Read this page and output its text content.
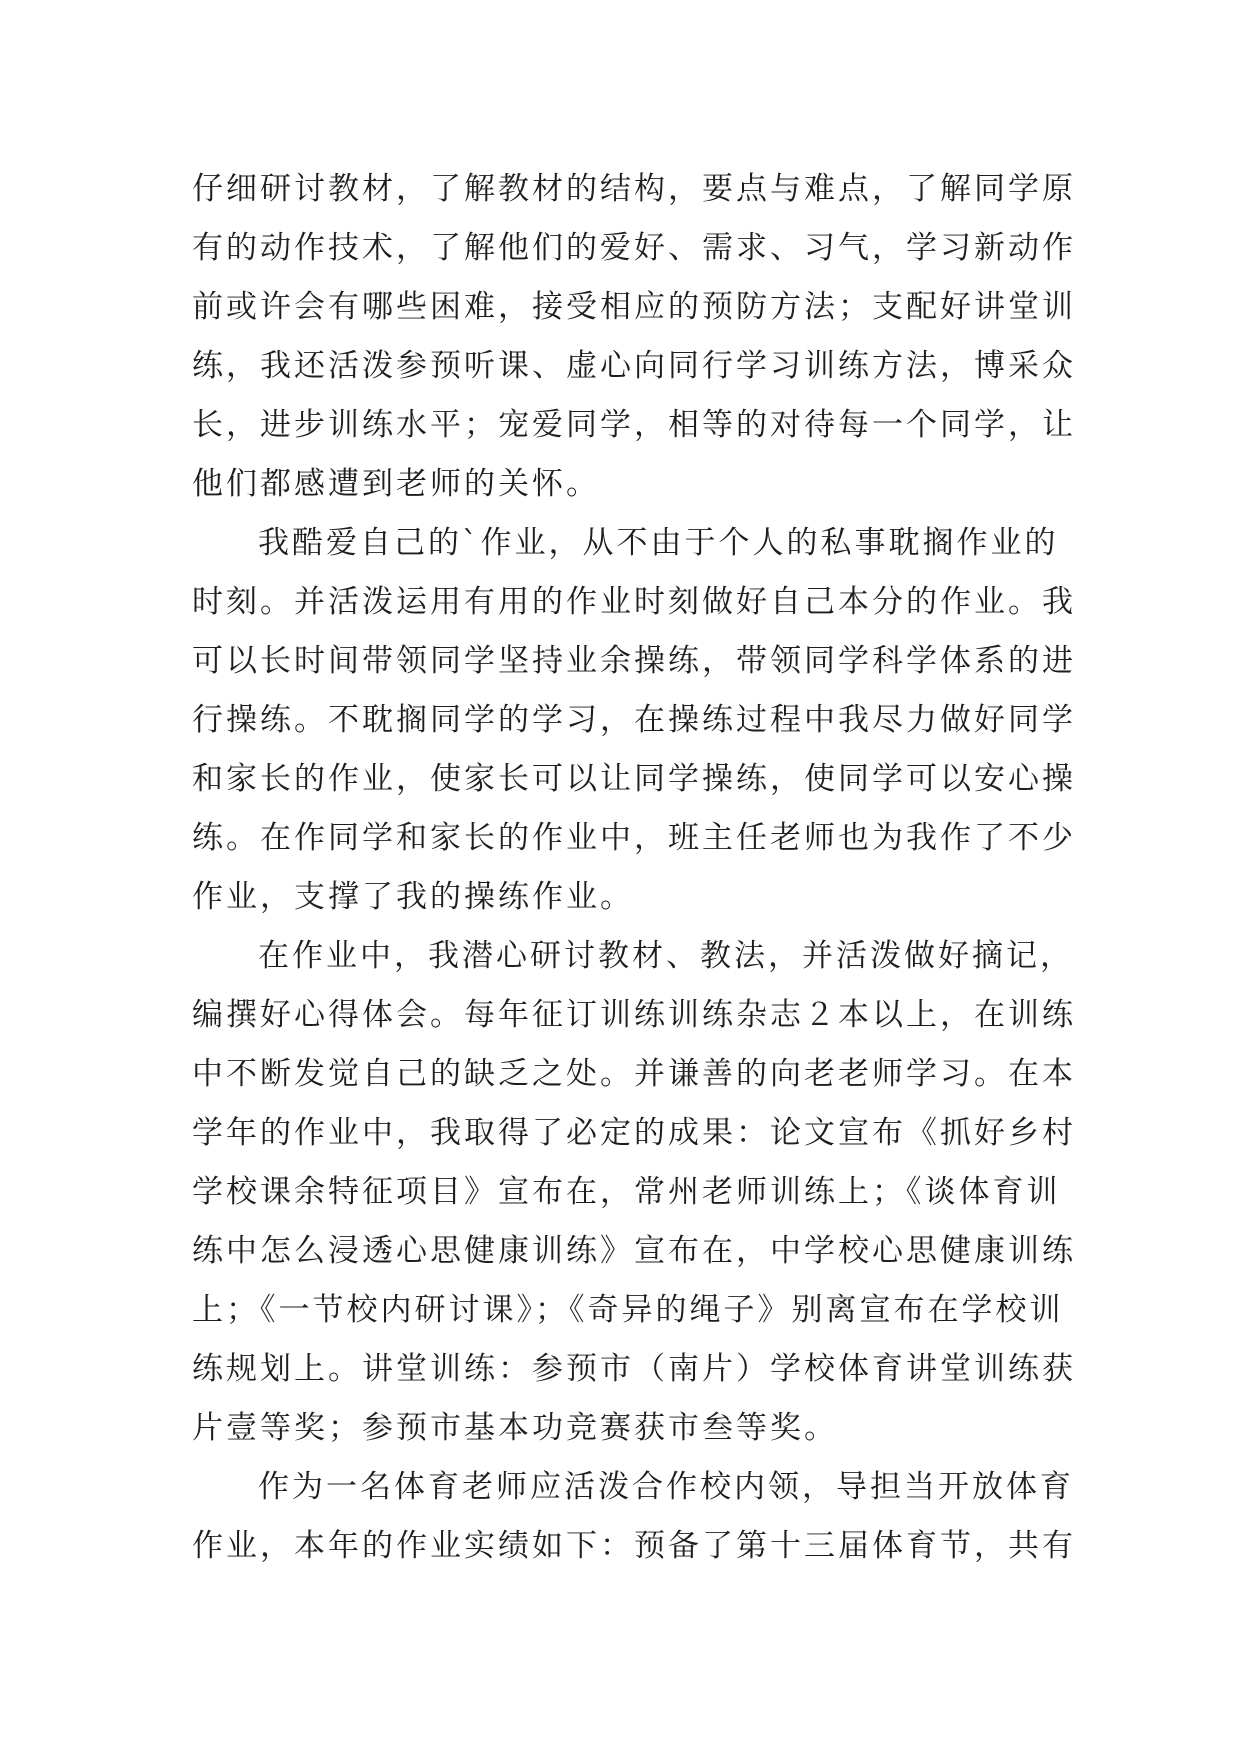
仔细研讨教材，了解教材的结构，要点与难点，了解同学原
有的动作技术，了解他们的爱好、需求、习气，学习新动作
前或许会有哪些困难，接受相应的预防方法；支配好讲堂训
练，我还活泼参预听课、虚心向同行学习训练方法，博采众
长，进步训练水平；宠爱同学，相等的对待每一个同学，让
他们都感遭到老师的关怀。
我酷爱自己的`作业，从不由于个人的私事耽搁作业的
时刻。并活泼运用有用的作业时刻做好自己本分的作业。我
可以长时间带领同学坚持业余操练，带领同学科学体系的进
行操练。不耽搁同学的学习，在操练过程中我尽力做好同学
和家长的作业，使家长可以让同学操练，使同学可以安心操
练。在作同学和家长的作业中，班主任老师也为我作了不少
作业，支撑了我的操练作业。
在作业中，我潜心研讨教材、教法，并活泼做好摘记，
编撰好心得体会。每年征订训练训练杂志２本以上，在训练
中不断发觉自己的缺乏之处。并谦善的向老老师学习。在本
学年的作业中，我取得了必定的成果：论文宣布《抓好乡村
学校课余特征项目》宣布在，常州老师训练上；《谈体育训
练中怎么浸透心思健康训练》宣布在，中学校心思健康训练
上；《一节校内研讨课》；《奇异的绳子》别离宣布在学校训
练规划上。讲堂训练：参预市（南片）学校体育讲堂训练获
片壹等奖；参预市基本功竞赛获市叁等奖。
作为一名体育老师应活泼合作校内领，导担当开放体育
作业，本年的作业实绩如下：预备了第十三届体育节，共有
